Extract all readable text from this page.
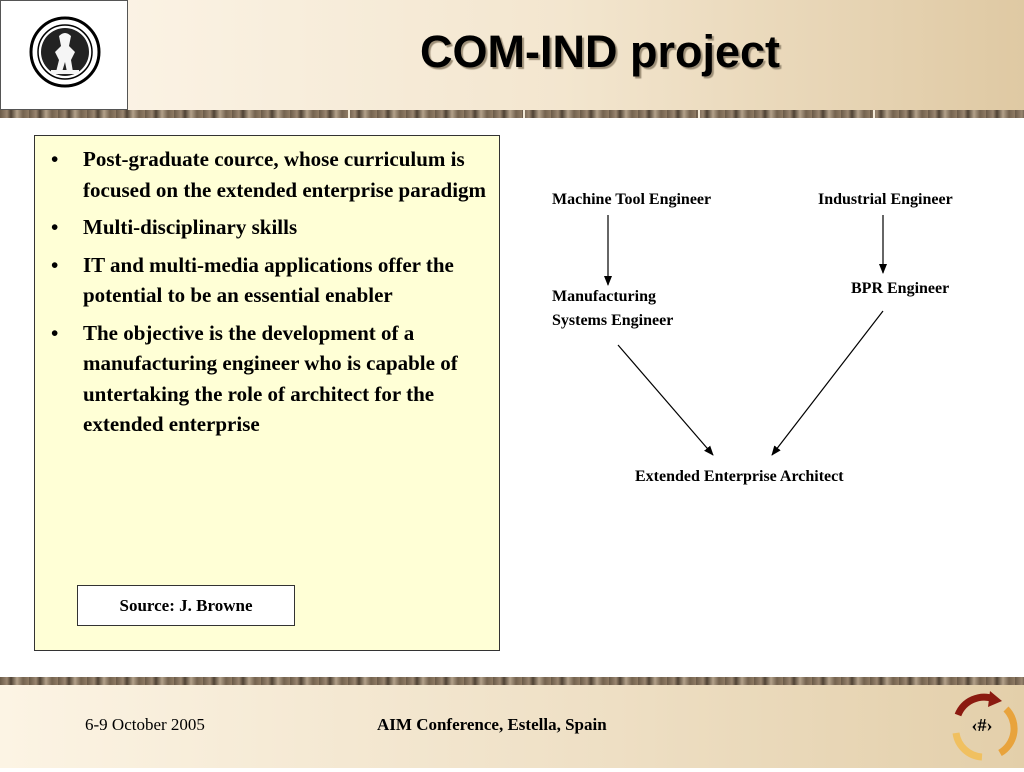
COM-IND project
• Post-graduate cource, whose curriculum is focused on the extended enterprise paradigm
• Multi-disciplinary skills
• IT and multi-media applications offer the potential to be an essential enabler
• The objective is the development of a manufacturing engineer who is capable of untertaking the role of architect for the extended enterprise
Source: J. Browne
Machine Tool Engineer	Industrial Engineer
Manufacturing
Systems Engineer
BPR Engineer
Extended Enterprise Architect
6-9 October 2005	AIM Conference, Estella, Spain	‹#›
